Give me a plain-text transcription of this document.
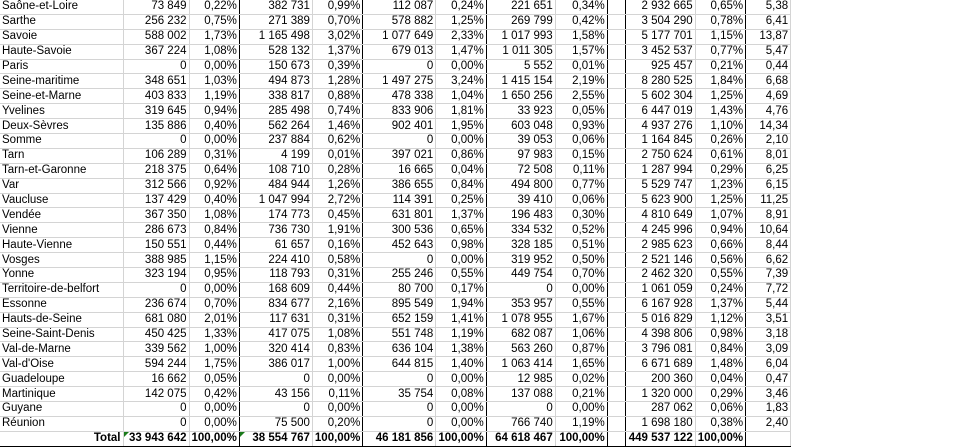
Saône-et-Loire	73 849	0,22%	382 731	0,99%	112 087	0,24%	221 651	0,34%		2 932 665	0,65%	5,38
Sarthe	256 232	0,75%	271 389	0,70%	578 882	1,25%	269 799	0,42%		3 504 290	0,78%	6,41
Savoie	588 002	1,73%	1 165 498	3,02%	1 077 649	2,33%	1 017 993	1,58%		5 177 701	1,15%	13,87
Haute-Savoie	367 224	1,08%	528 132	1,37%	679 013	1,47%	1 011 305	1,57%		3 452 537	0,77%	5,47
Paris	0	0,00%	150 673	0,39%	0	0,00%	5 552	0,01%		925 457	0,21%	0,44
Seine-maritime	348 651	1,03%	494 873	1,28%	1 497 275	3,24%	1 415 154	2,19%		8 280 525	1,84%	6,68
Seine-et-Marne	403 833	1,19%	338 817	0,88%	478 338	1,04%	1 650 256	2,55%		5 602 304	1,25%	4,69
Yvelines	319 645	0,94%	285 498	0,74%	833 906	1,81%	33 923	0,05%		6 447 019	1,43%	4,76
Deux-Sèvres	135 886	0,40%	562 264	1,46%	902 401	1,95%	603 048	0,93%		4 937 276	1,10%	14,34
Somme	0	0,00%	237 884	0,62%	0	0,00%	39 053	0,06%		1 164 845	0,26%	2,10
Tarn	106 289	0,31%	4 199	0,01%	397 021	0,86%	97 983	0,15%		2 750 624	0,61%	8,01
Tarn-et-Garonne	218 375	0,64%	108 710	0,28%	16 665	0,04%	72 508	0,11%		1 287 994	0,29%	6,25
Var	312 566	0,92%	484 944	1,26%	386 655	0,84%	494 800	0,77%		5 529 747	1,23%	6,15
Vaucluse	137 429	0,40%	1 047 994	2,72%	114 391	0,25%	39 410	0,06%		5 623 900	1,25%	11,25
Vendée	367 350	1,08%	174 773	0,45%	631 801	1,37%	196 483	0,30%		4 810 649	1,07%	8,91
Vienne	286 673	0,84%	736 730	1,91%	300 536	0,65%	334 532	0,52%		4 245 996	0,94%	10,64
Haute-Vienne	150 551	0,44%	61 657	0,16%	452 643	0,98%	328 185	0,51%		2 985 623	0,66%	8,44
Vosges	388 985	1,15%	224 410	0,58%	0	0,00%	319 952	0,50%		2 521 146	0,56%	6,62
Yonne	323 194	0,95%	118 793	0,31%	255 246	0,55%	449 754	0,70%		2 462 320	0,55%	7,39
Territoire-de-belfort	0	0,00%	168 609	0,44%	80 700	0,17%	0	0,00%		1 061 059	0,24%	7,72
Essonne	236 674	0,70%	834 677	2,16%	895 549	1,94%	353 957	0,55%		6 167 928	1,37%	5,44
Hauts-de-Seine	681 080	2,01%	117 631	0,31%	652 159	1,41%	1 078 955	1,67%		5 016 829	1,12%	3,51
Seine-Saint-Denis	450 425	1,33%	417 075	1,08%	551 748	1,19%	682 087	1,06%		4 398 806	0,98%	3,18
Val-de-Marne	339 562	1,00%	320 414	0,83%	636 104	1,38%	563 260	0,87%		3 796 081	0,84%	3,09
Val-d'Oise	594 244	1,75%	386 017	1,00%	644 815	1,40%	1 063 414	1,65%		6 671 689	1,48%	6,04
Guadeloupe	16 662	0,05%	0	0,00%	0	0,00%	12 985	0,02%		200 360	0,04%	0,47
Martinique	142 075	0,42%	43 156	0,11%	35 754	0,08%	137 088	0,21%		1 320 000	0,29%	3,46
Guyane	0	0,00%	0	0,00%	0	0,00%	0	0,00%		287 062	0,06%	1,83
Réunion	0	0,00%	75 500	0,20%	0	0,00%	766 740	1,19%		1 698 180	0,38%	2,40
Total	33 943 642	100,00%	38 554 767	100,00%	46 181 856	100,00%	64 618 467	100,00%		449 537 122	100,00%	
